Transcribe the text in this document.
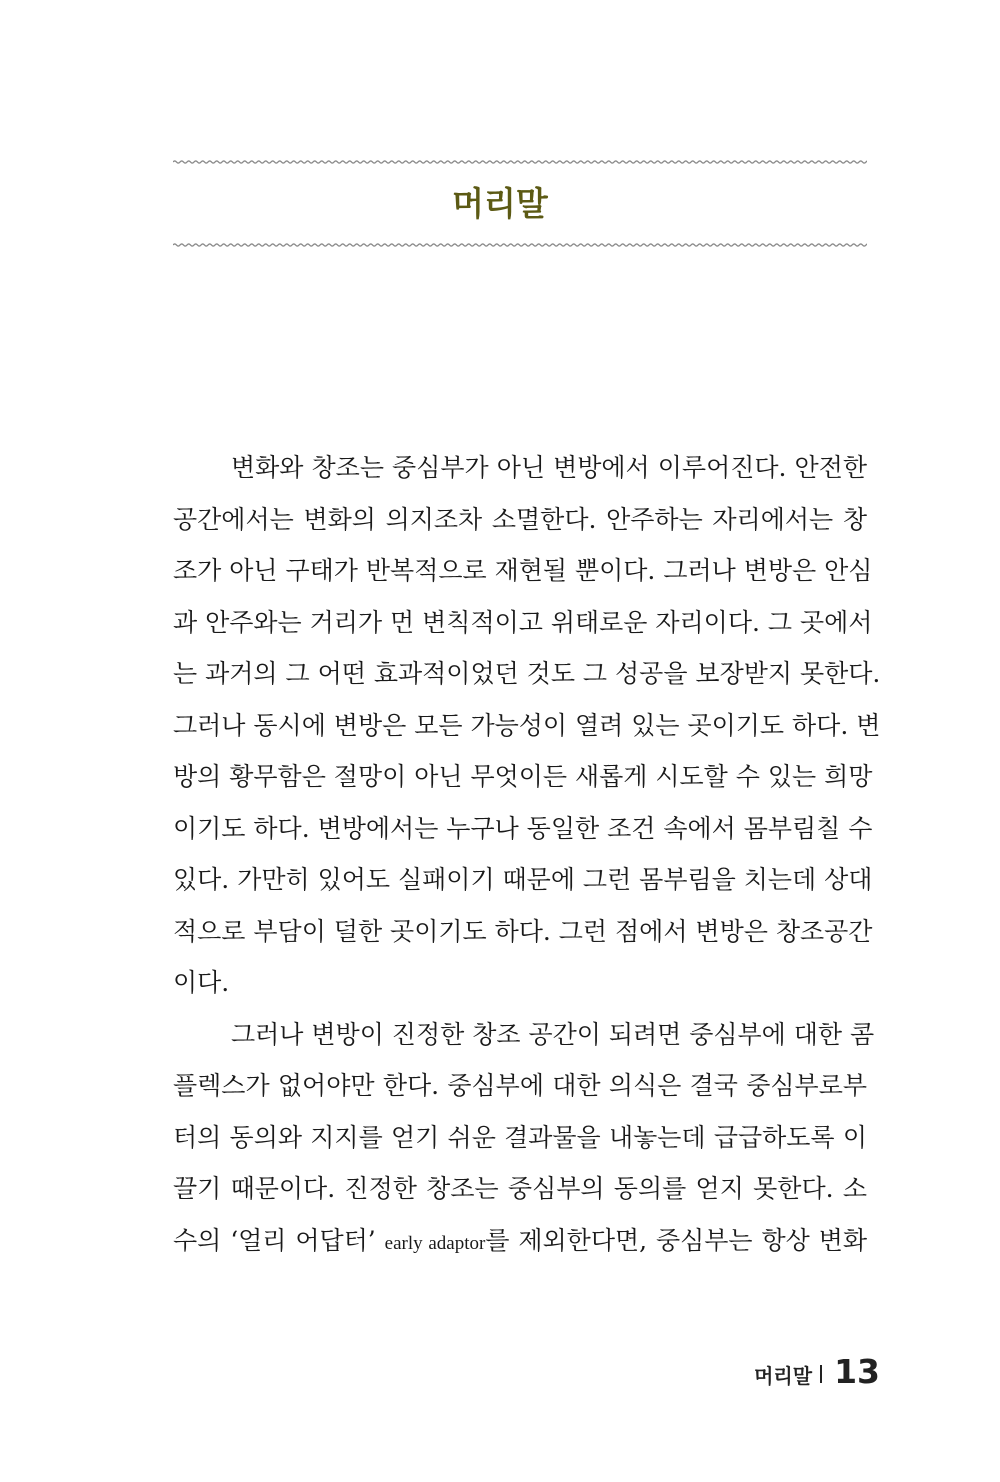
머리말
변화와 창조는 중심부가 아닌 변방에서 이루어진다. 안전한
공간에서는 변화의 의지조차 소멸한다. 안주하는 자리에서는 창
조가 아닌 구태가 반복적으로 재현될 뿐이다. 그러나 변방은 안심
과 안주와는 거리가 먼 변칙적이고 위태로운 자리이다. 그 곳에서
는 과거의 그 어떤 효과적이었던 것도 그 성공을 보장받지 못한다.
그러나 동시에 변방은 모든 가능성이 열려 있는 곳이기도 하다. 변
방의 황무함은 절망이 아닌 무엇이든 새롭게 시도할 수 있는 희망
이기도 하다. 변방에서는 누구나 동일한 조건 속에서 몸부림칠 수
있다. 가만히 있어도 실패이기 때문에 그런 몸부림을 치는데 상대
적으로 부담이 덜한 곳이기도 하다. 그런 점에서 변방은 창조공간
이다.
그러나 변방이 진정한 창조 공간이 되려면 중심부에 대한 콤
플렉스가 없어야만 한다. 중심부에 대한 의식은 결국 중심부로부
터의 동의와 지지를 얻기 쉬운 결과물을 내놓는데 급급하도록 이
끌기 때문이다. 진정한 창조는 중심부의 동의를 얻지 못한다. 소
수의 ‘얼리 어답터’ early adaptor를 제외한다면, 중심부는 항상 변화
머리말 13
